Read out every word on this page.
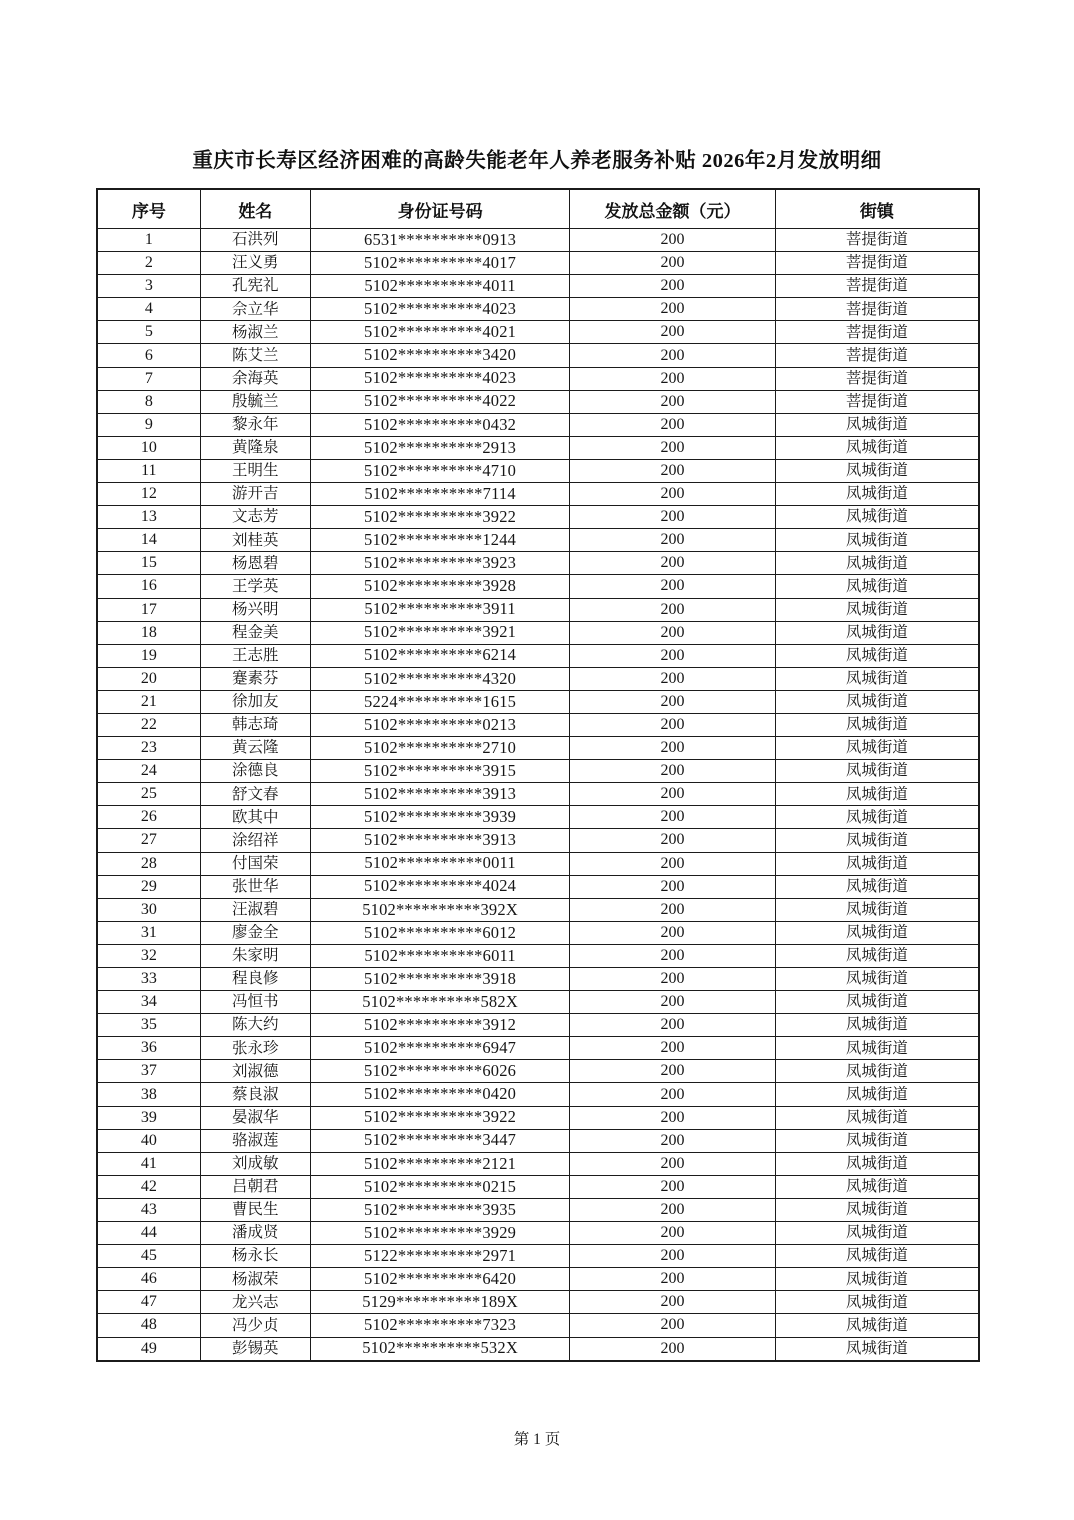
重庆市长寿区经济困难的高龄失能老年人养老服务补贴 2026年2月发放明细
序号	姓名	身份证号码	发放总金额（元）	街镇
1	石洪列	6531**********0913	200	菩提街道
2	汪义勇	5102**********4017	200	菩提街道
3	孔宪礼	5102**********4011	200	菩提街道
4	佘立华	5102**********4023	200	菩提街道
5	杨淑兰	5102**********4021	200	菩提街道
6	陈艾兰	5102**********3420	200	菩提街道
7	余海英	5102**********4023	200	菩提街道
8	殷毓兰	5102**********4022	200	菩提街道
9	黎永年	5102**********0432	200	凤城街道
10	黄隆泉	5102**********2913	200	凤城街道
11	王明生	5102**********4710	200	凤城街道
12	游开吉	5102**********7114	200	凤城街道
13	文志芳	5102**********3922	200	凤城街道
14	刘桂英	5102**********1244	200	凤城街道
15	杨恩碧	5102**********3923	200	凤城街道
16	王学英	5102**********3928	200	凤城街道
17	杨兴明	5102**********3911	200	凤城街道
18	程金美	5102**********3921	200	凤城街道
19	王志胜	5102**********6214	200	凤城街道
20	蹇素芬	5102**********4320	200	凤城街道
21	徐加友	5224**********1615	200	凤城街道
22	韩志琦	5102**********0213	200	凤城街道
23	黄云隆	5102**********2710	200	凤城街道
24	涂德良	5102**********3915	200	凤城街道
25	舒文春	5102**********3913	200	凤城街道
26	欧其中	5102**********3939	200	凤城街道
27	涂绍祥	5102**********3913	200	凤城街道
28	付国荣	5102**********0011	200	凤城街道
29	张世华	5102**********4024	200	凤城街道
30	汪淑碧	5102**********392X	200	凤城街道
31	廖金全	5102**********6012	200	凤城街道
32	朱家明	5102**********6011	200	凤城街道
33	程良修	5102**********3918	200	凤城街道
34	冯恒书	5102**********582X	200	凤城街道
35	陈大约	5102**********3912	200	凤城街道
36	张永珍	5102**********6947	200	凤城街道
37	刘淑德	5102**********6026	200	凤城街道
38	蔡良淑	5102**********0420	200	凤城街道
39	晏淑华	5102**********3922	200	凤城街道
40	骆淑莲	5102**********3447	200	凤城街道
41	刘成敏	5102**********2121	200	凤城街道
42	吕朝君	5102**********0215	200	凤城街道
43	曹民生	5102**********3935	200	凤城街道
44	潘成贤	5102**********3929	200	凤城街道
45	杨永长	5122**********2971	200	凤城街道
46	杨淑荣	5102**********6420	200	凤城街道
47	龙兴志	5129**********189X	200	凤城街道
48	冯少贞	5102**********7323	200	凤城街道
49	彭锡英	5102**********532X	200	凤城街道
第 1 页
